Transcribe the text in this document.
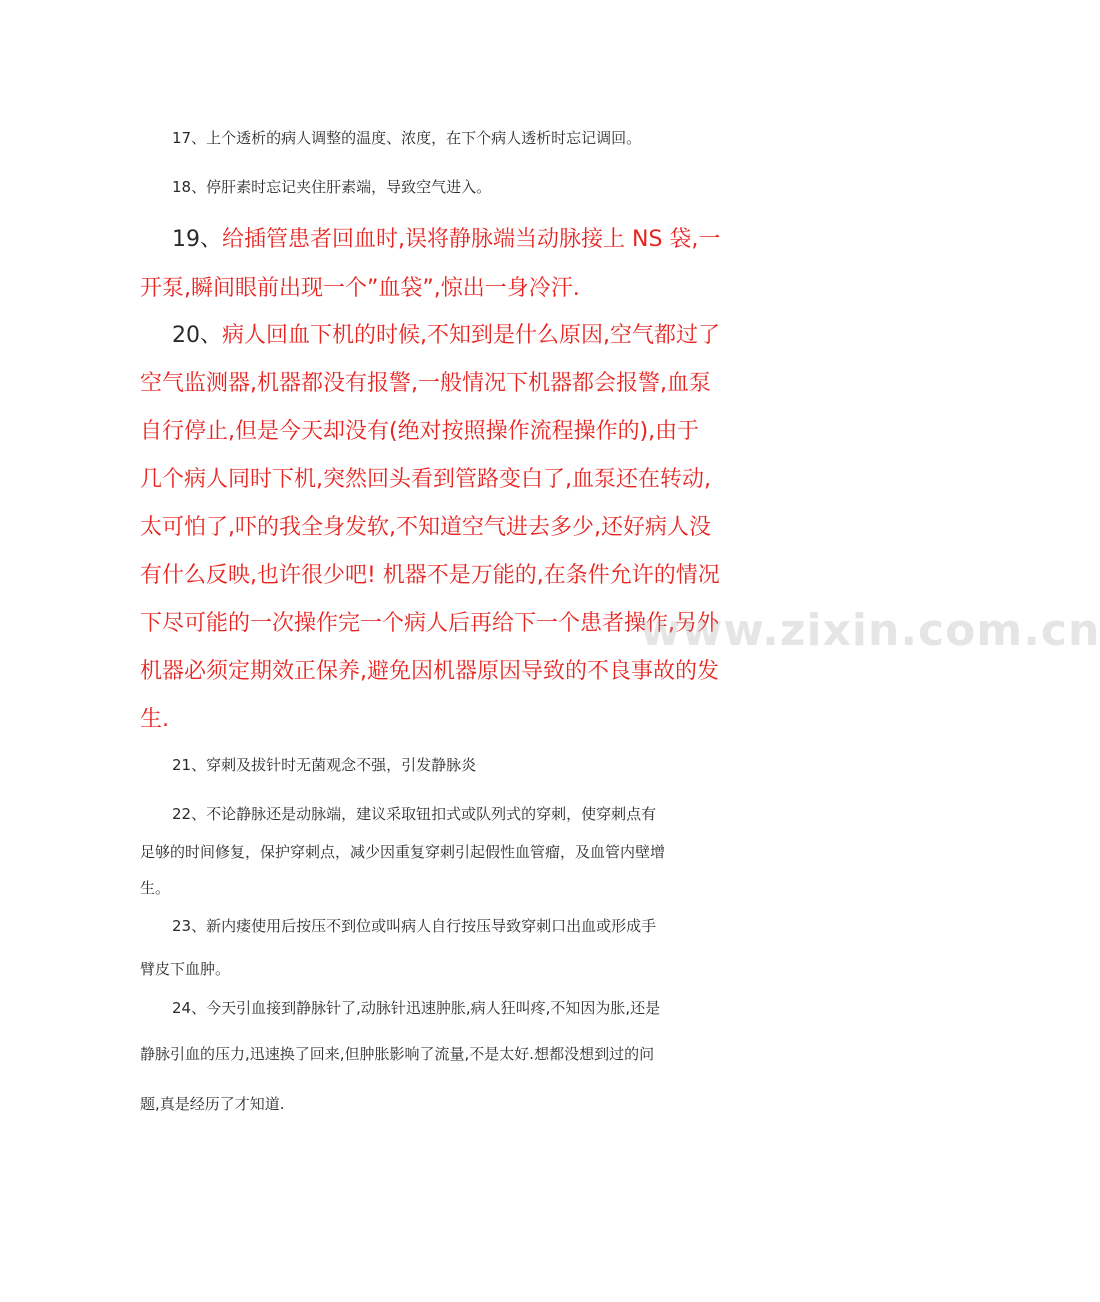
17、上个透析的病人调整的温度、浓度，在下个病人透析时忘记调回。
18、停肝素时忘记夹住肝素端，导致空气进入。
19、给插管患者回血时,误将静脉端当动脉接上 NS 袋,一
开泵,瞬间眼前出现一个”血袋”,惊出一身冷汗.
20、病人回血下机的时候,不知到是什么原因,空气都过了
空气监测器,机器都没有报警,一般情况下机器都会报警,血泵
自行停止,但是今天却没有(绝对按照操作流程操作的),由于
几个病人同时下机,突然回头看到管路变白了,血泵还在转动,
太可怕了,吓的我全身发软,不知道空气进去多少,还好病人没
有什么反映,也许很少吧! 机器不是万能的,在条件允许的情况
下尽可能的一次操作完一个病人后再给下一个患者操作,另外
机器必须定期效正保养,避免因机器原因导致的不良事故的发
生.
21、穿刺及拔针时无菌观念不强，引发静脉炎
22、不论静脉还是动脉端，建议采取钮扣式或队列式的穿刺，使穿刺点有
足够的时间修复，保护穿刺点，减少因重复穿刺引起假性血管瘤，及血管内壁增
生。
23、新内瘘使用后按压不到位或叫病人自行按压导致穿刺口出血或形成手
臂皮下血肿。
24、今天引血接到静脉针了,动脉针迅速肿胀,病人狂叫疼,不知因为胀,还是
静脉引血的压力,迅速换了回来,但肿胀影响了流量,不是太好.想都没想到过的问
题,真是经历了才知道.
www.zixin.com.cn
